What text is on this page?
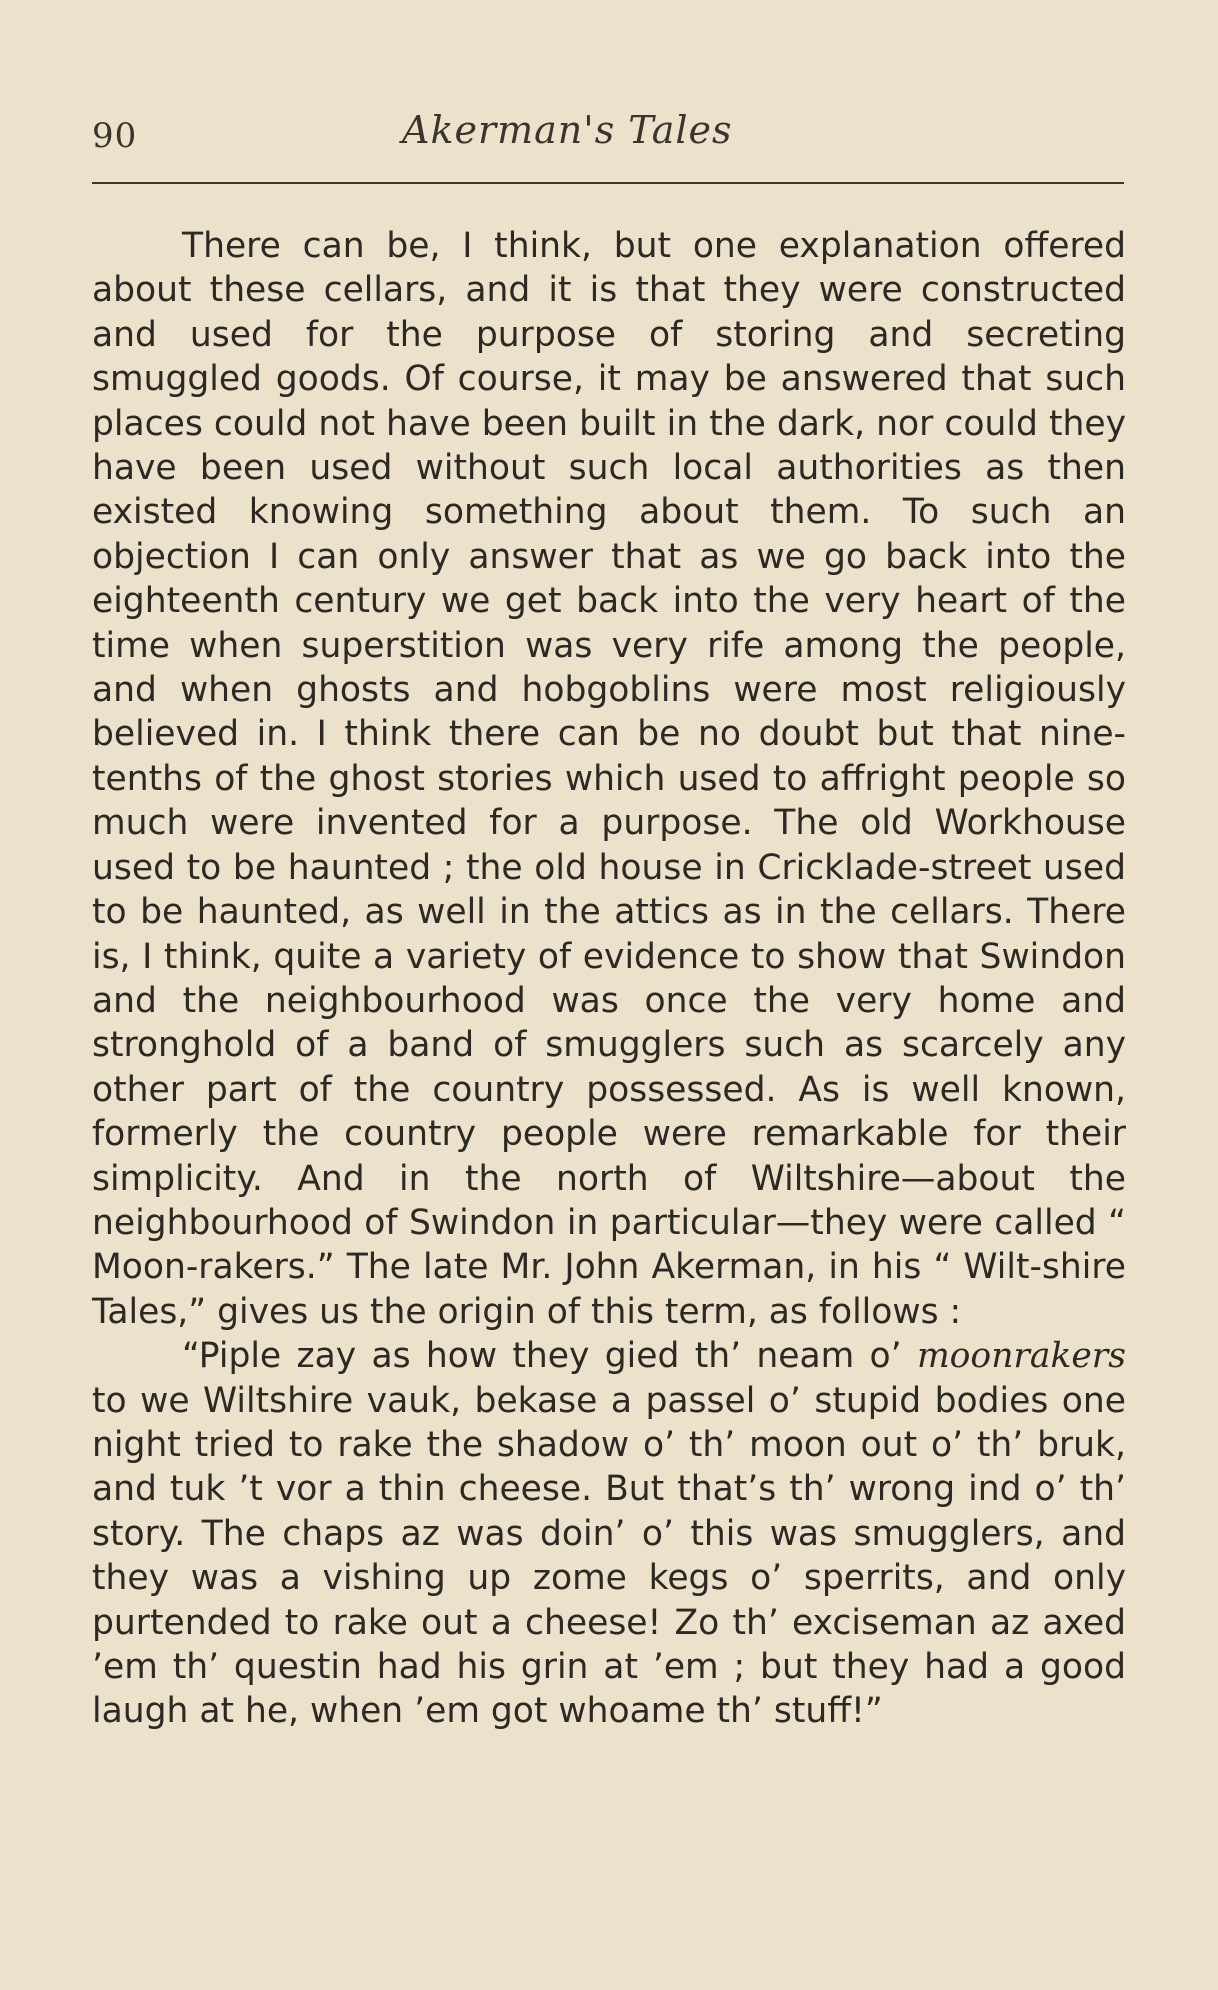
90	Akerman's Tales

There can be, I think, but one explanation offered about these cellars, and it is that they were constructed and used for the purpose of storing and secreting smuggled goods. Of course, it may be answered that such places could not have been built in the dark, nor could they have been used without such local authorities as then existed knowing something about them. To such an objection I can only answer that as we go back into the eighteenth century we get back into the very heart of the time when superstition was very rife among the people, and when ghosts and hobgoblins were most religiously believed in. I think there can be no doubt but that nine-tenths of the ghost stories which used to affright people so much were invented for a purpose. The old Workhouse used to be haunted ; the old house in Cricklade-street used to be haunted, as well in the attics as in the cellars. There is, I think, quite a variety of evidence to show that Swindon and the neighbourhood was once the very home and stronghold of a band of smugglers such as scarcely any other part of the country possessed. As is well known, formerly the country people were remarkable for their simplicity. And in the north of Wiltshire—about the neighbourhood of Swindon in particular—they were called “ Moon-rakers.” The late Mr. John Akerman, in his “ Wilt-shire Tales,” gives us the origin of this term, as follows :

“Piple zay as how they gied th’ neam o’ moonrakers to we Wiltshire vauk, bekase a passel o’ stupid bodies one night tried to rake the shadow o’ th’ moon out o’ th’ bruk, and tuk ’t vor a thin cheese. But that’s th’ wrong ind o’ th’ story. The chaps az was doin’ o’ this was smugglers, and they was a vishing up zome kegs o’ sperrits, and only purtended to rake out a cheese! Zo th’ exciseman az axed ’em th’ questin had his grin at ’em ; but they had a good laugh at he, when ’em got whoame th’ stuff!”
